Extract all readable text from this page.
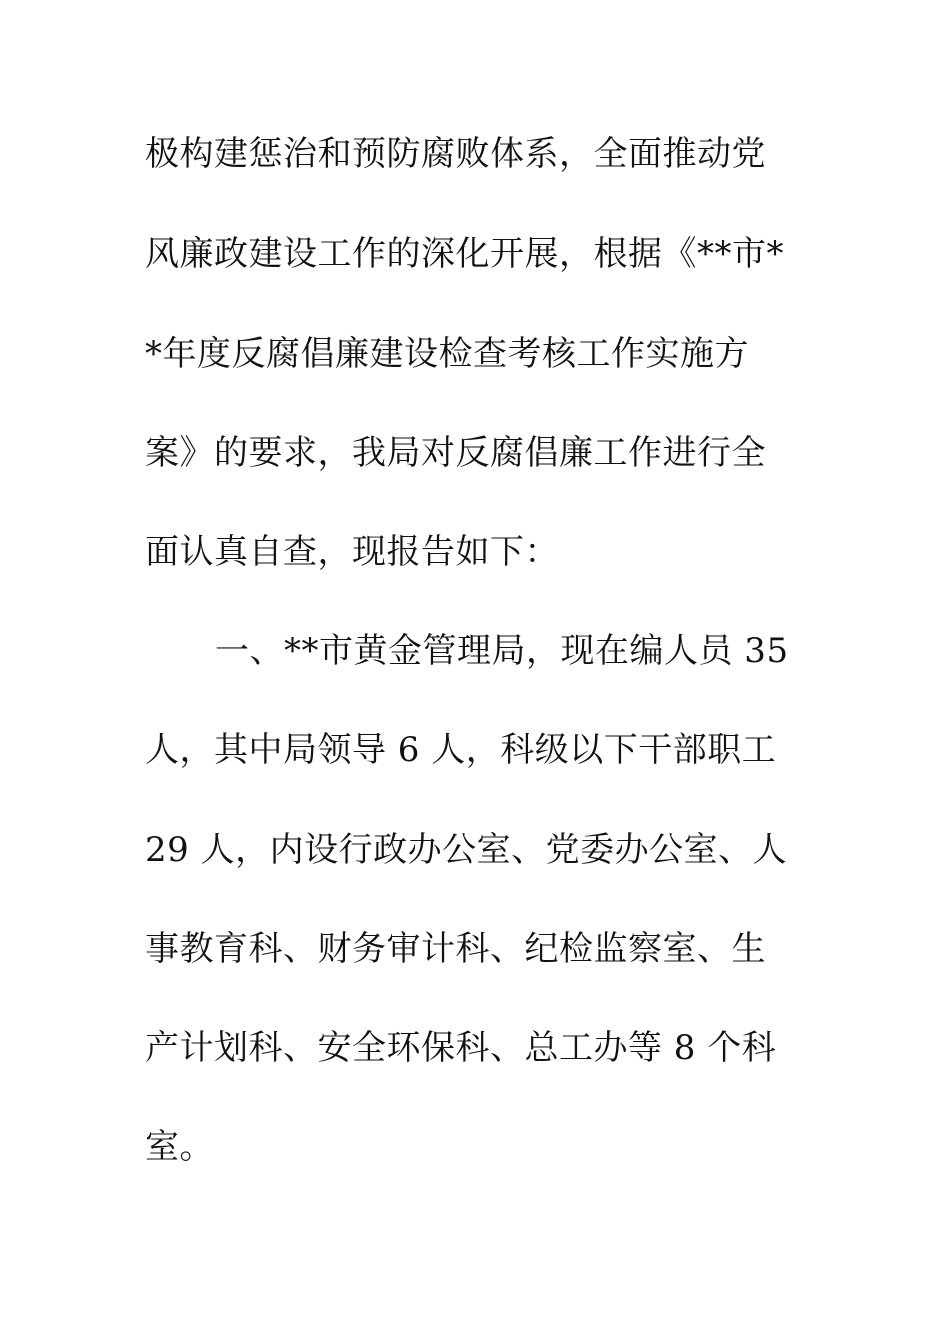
极构建惩治和预防腐败体系，全面推动党
风廉政建设工作的深化开展，根据《**市*
*年度反腐倡廉建设检查考核工作实施方
案》的要求，我局对反腐倡廉工作进行全
面认真自查，现报告如下：
一、**市黄金管理局，现在编人员 35
人，其中局领导 6 人，科级以下干部职工
29 人，内设行政办公室、党委办公室、人
事教育科、财务审计科、纪检监察室、生
产计划科、安全环保科、总工办等 8 个科
室。
